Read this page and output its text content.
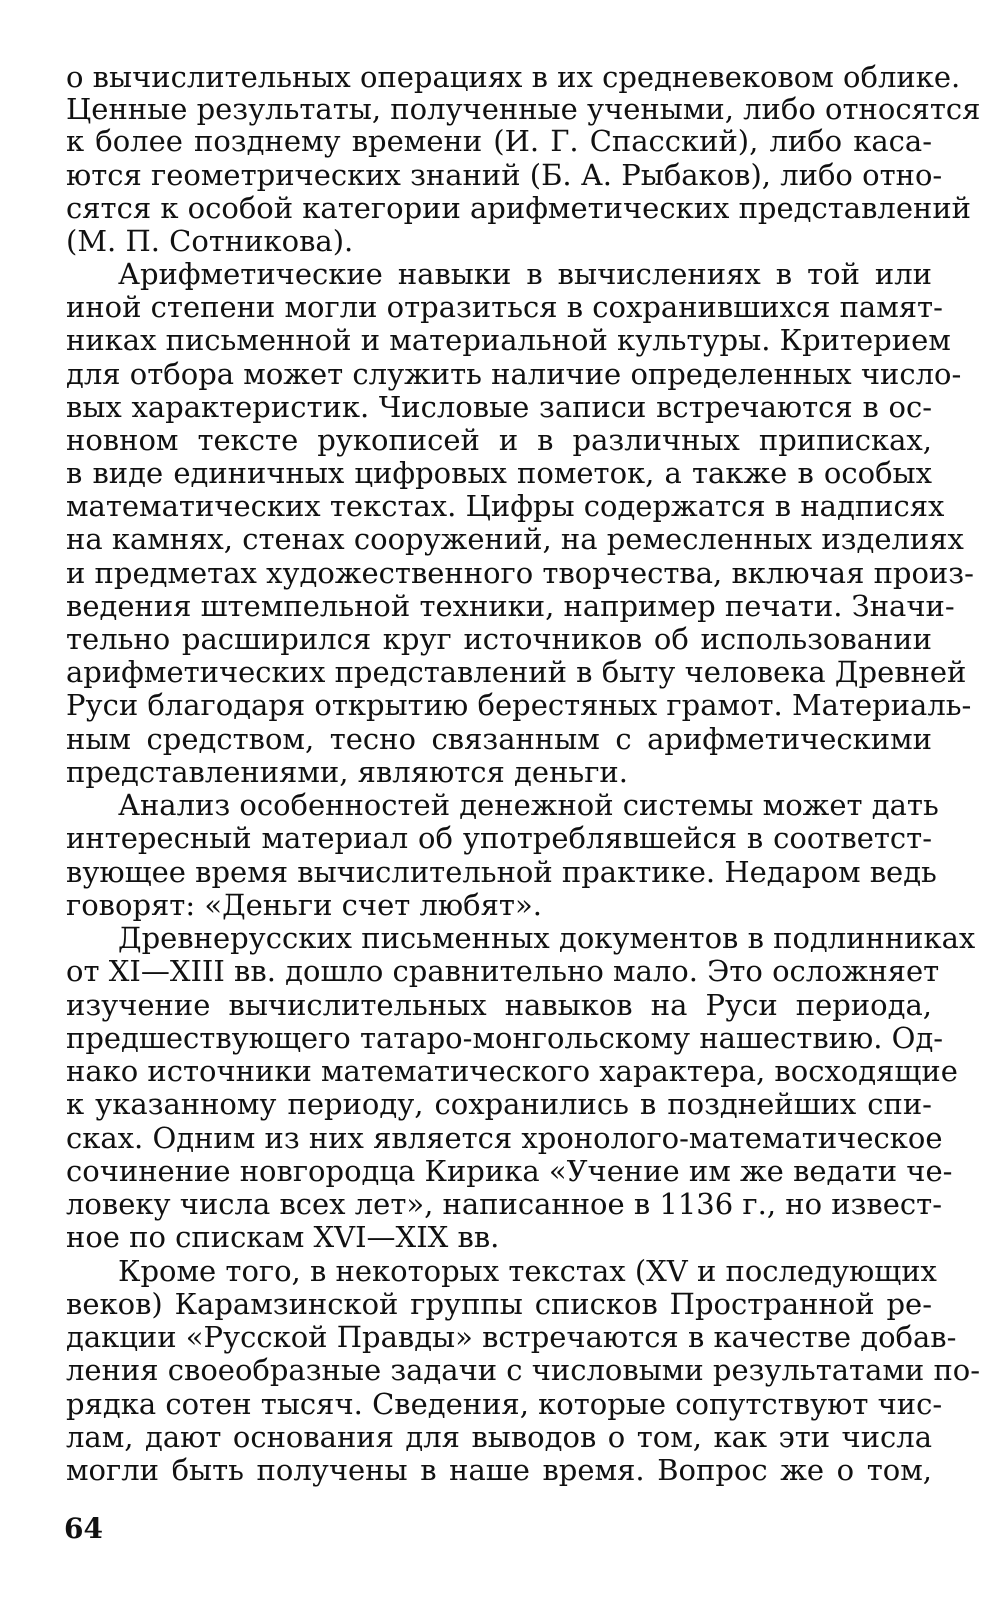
о вычислительных операциях в их средневековом облике.
Ценные результаты, полученные учеными, либо относятся
к более позднему времени (И. Г. Спасский), либо каса-
ются геометрических знаний (Б. А. Рыбаков), либо отно-
сятся к особой категории арифметических представлений
(М. П. Сотникова).
Арифметические навыки в вычислениях в той или
иной степени могли отразиться в сохранившихся памят-
никах письменной и материальной культуры. Критерием
для отбора может служить наличие определенных число-
вых характеристик. Числовые записи встречаются в ос-
новном тексте рукописей и в различных приписках,
в виде единичных цифровых пометок, а также в особых
математических текстах. Цифры содержатся в надписях
на камнях, стенах сооружений, на ремесленных изделиях
и предметах художественного творчества, включая произ-
ведения штемпельной техники, например печати. Значи-
тельно расширился круг источников об использовании
арифметических представлений в быту человека Древней
Руси благодаря открытию берестяных грамот. Материаль-
ным средством, тесно связанным с арифметическими
представлениями, являются деньги.
Анализ особенностей денежной системы может дать
интересный материал об употреблявшейся в соответст-
вующее время вычислительной практике. Недаром ведь
говорят: «Деньги счет любят».
Древнерусских письменных документов в подлинниках
от XI—XIII вв. дошло сравнительно мало. Это осложняет
изучение вычислительных навыков на Руси периода,
предшествующего татаро-монгольскому нашествию. Од-
нако источники математического характера, восходящие
к указанному периоду, сохранились в позднейших спи-
сках. Одним из них является хронолого-математическое
сочинение новгородца Кирика «Учение им же ведати че-
ловеку числа всех лет», написанное в 1136 г., но извест-
ное по спискам XVI—XIX вв.
Кроме того, в некоторых текстах (XV и последующих
веков) Карамзинской группы списков Пространной ре-
дакции «Русской Правды» встречаются в качестве добав-
ления своеобразные задачи с числовыми результатами по-
рядка сотен тысяч. Сведения, которые сопутствуют чис-
лам, дают основания для выводов о том, как эти числа
могли быть получены в наше время. Вопрос же о том,
64
